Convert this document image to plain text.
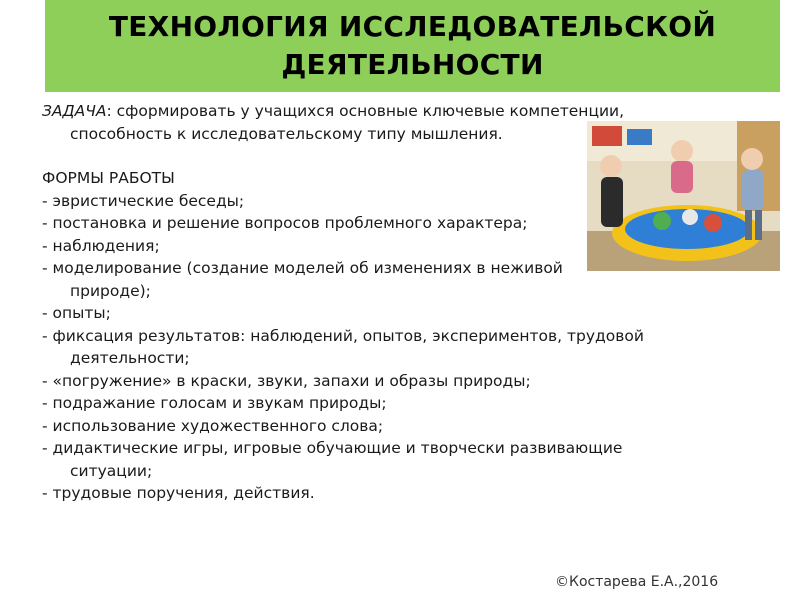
ТЕХНОЛОГИЯ ИССЛЕДОВАТЕЛЬСКОЙ
ДЕЯТЕЛЬНОСТИ
ЗАДАЧА: сформировать у учащихся основные ключевые компетенции,
способность к исследовательскому типу мышления.
ФОРМЫ РАБОТЫ
- эвристические беседы;
- постановка и решение вопросов проблемного характера;
- наблюдения;
- моделирование (создание моделей об изменениях в неживой
природе);
- опыты;
- фиксация результатов: наблюдений, опытов, экспериментов, трудовой
деятельности;
- «погружение» в краски, звуки, запахи и образы природы;
- подражание голосам и звукам природы;
- использование художественного слова;
- дидактические игры, игровые обучающие и творчески развивающие
ситуации;
- трудовые поручения, действия.
©Костарева Е.А.,2016
